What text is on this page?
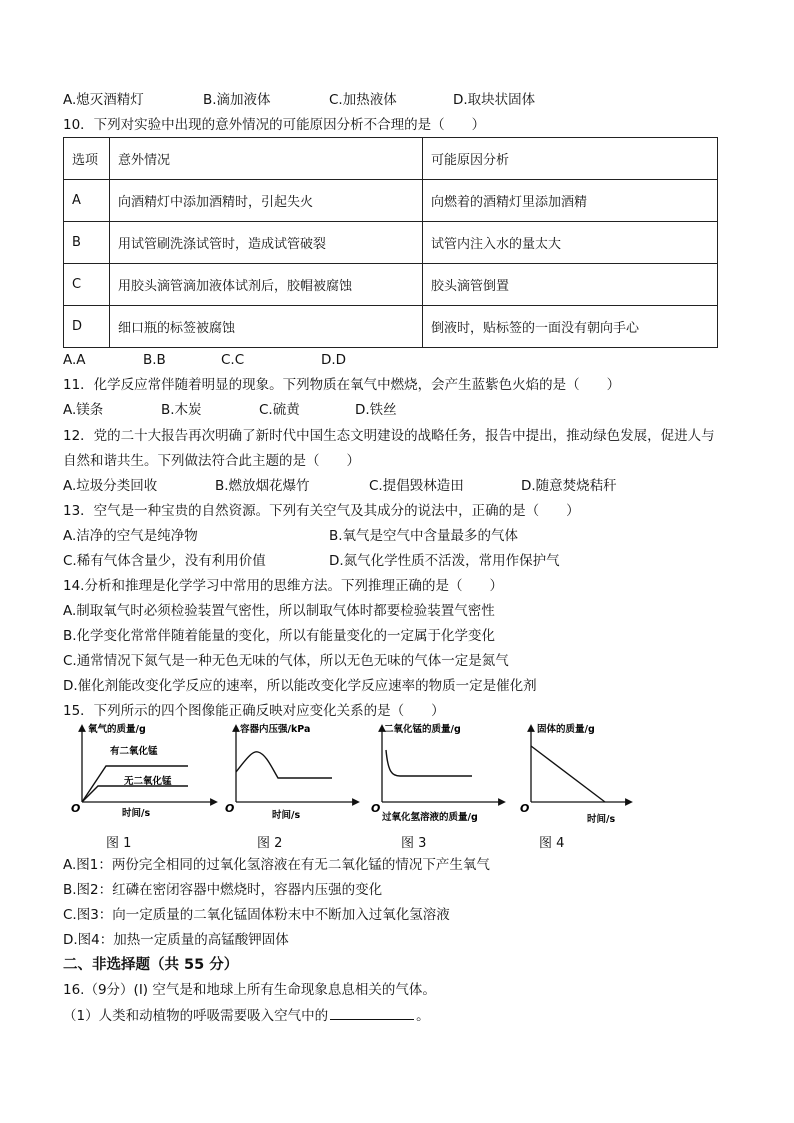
A.熄灭酒精灯	B.滴加液体	C.加热液体	D.取块状固体
10．下列对实验中出现的意外情况的可能原因分析不合理的是（　　）
选项	意外情况	可能原因分析
A	向酒精灯中添加酒精时，引起失火	向燃着的酒精灯里添加酒精
B	用试管刷洗涤试管时，造成试管破裂	试管内注入水的量太大
C	用胶头滴管滴加液体试剂后，胶帽被腐蚀	胶头滴管倒置
D	细口瓶的标签被腐蚀	倒液时，贴标签的一面没有朝向手心
A.A	B.B	C.C	D.D
11．化学反应常伴随着明显的现象。下列物质在氧气中燃烧，会产生蓝紫色火焰的是（　　）
A.镁条	B.木炭	C.硫黄	D.铁丝
12．党的二十大报告再次明确了新时代中国生态文明建设的战略任务，报告中提出，推动绿色发展，促进人与
自然和谐共生。下列做法符合此主题的是（　　）
A.垃圾分类回收	B.燃放烟花爆竹	C.提倡毁林造田	D.随意焚烧秸秆
13．空气是一种宝贵的自然资源。下列有关空气及其成分的说法中，正确的是（　　）
A.洁净的空气是纯净物	B.氧气是空气中含量最多的气体
C.稀有气体含量少，没有利用价值	D.氮气化学性质不活泼，常用作保护气
14.分析和推理是化学学习中常用的思维方法。下列推理正确的是（　　）
A.制取氧气时必须检验装置气密性，所以制取气体时都要检验装置气密性
B.化学变化常常伴随着能量的变化，所以有能量变化的一定属于化学变化
C.通常情况下氮气是一种无色无味的气体，所以无色无味的气体一定是氮气
D.催化剂能改变化学反应的速率，所以能改变化学反应速率的物质一定是催化剂
15．下列所示的四个图像能正确反映对应变化关系的是（　　）
氧气的质量/g
有二氧化锰
无二氧化锰
O	时间/s
容器内压强/kPa
O
时间/s
二氧化锰的质量/g
O
过氧化氢溶液的质量/g
固体的质量/g
O
时间/s
图 1	图 2	图 3	图 4
A.图1：两份完全相同的过氧化氢溶液在有无二氧化锰的情况下产生氧气
B.图2：红磷在密闭容器中燃烧时，容器内压强的变化
C.图3：向一定质量的二氧化锰固体粉末中不断加入过氧化氢溶液
D.图4：加热一定质量的高锰酸钾固体
二、非选择题（共 55 分）
16.（9分）(Ⅰ) 空气是和地球上所有生命现象息息相关的气体。
（1）人类和动植物的呼吸需要吸入空气中的	。
